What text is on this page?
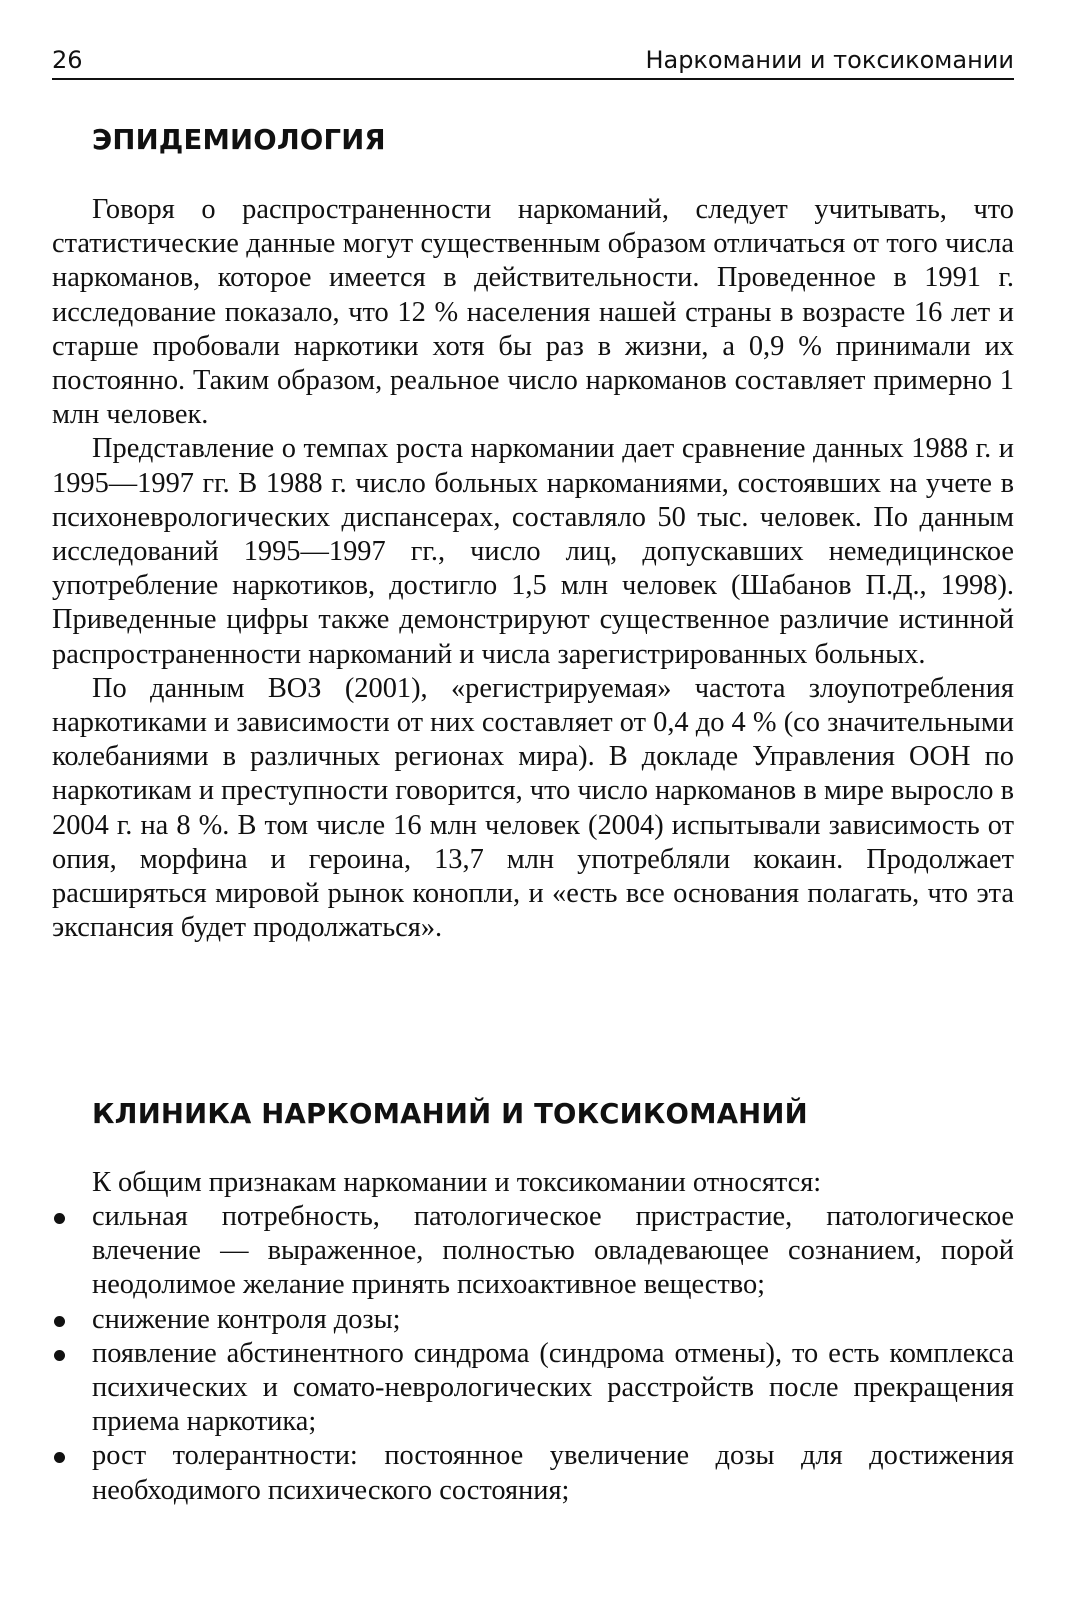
26	Наркомании и токсикомании
ЭПИДЕМИОЛОГИЯ

Говоря о распространенности наркоманий, следует учитывать, что статистические данные могут существенным образом отличаться от того числа наркоманов, которое имеется в действительности. Проведенное в 1991 г. исследование показало, что 12 % населения нашей страны в возрасте 16 лет и старше пробовали наркотики хотя бы раз в жизни, а 0,9 % принимали их постоянно. Таким образом, реальное число наркоманов составляет примерно 1 млн человек.

Представление о темпах роста наркомании дает сравнение данных 1988 г. и 1995—1997 гг. В 1988 г. число больных наркоманиями, состоявших на учете в психоневрологических диспансерах, составляло 50 тыс. человек. По данным исследований 1995—1997 гг., число лиц, допускавших немедицинское употребление наркотиков, достигло 1,5 млн человек (Шабанов П.Д., 1998). Приведенные цифры также демонстрируют существенное различие истинной распространенности наркоманий и числа зарегистрированных больных.

По данным ВОЗ (2001), «регистрируемая» частота злоупотребления наркотиками и зависимости от них составляет от 0,4 до 4 % (со значительными колебаниями в различных регионах мира). В докладе Управления ООН по наркотикам и преступности говорится, что число наркоманов в мире выросло в 2004 г. на 8 %. В том числе 16 млн человек (2004) испытывали зависимость от опия, морфина и героина, 13,7 млн употребляли кокаин. Продолжает расширяться мировой рынок конопли, и «есть все основания полагать, что эта экспансия будет продолжаться».

КЛИНИКА НАРКОМАНИЙ И ТОКСИКОМАНИЙ

К общим признакам наркомании и токсикомании относятся:

сильная потребность, патологическое пристрастие, патологическое влечение — выраженное, полностью овладевающее сознанием, порой неодолимое желание принять психоактивное вещество;
снижение контроля дозы;
появление абстинентного синдрома (синдрома отмены), то есть комплекса психических и сомато-неврологических расстройств после прекращения приема наркотика;
рост толерантности: постоянное увеличение дозы для достижения необходимого психического состояния;
